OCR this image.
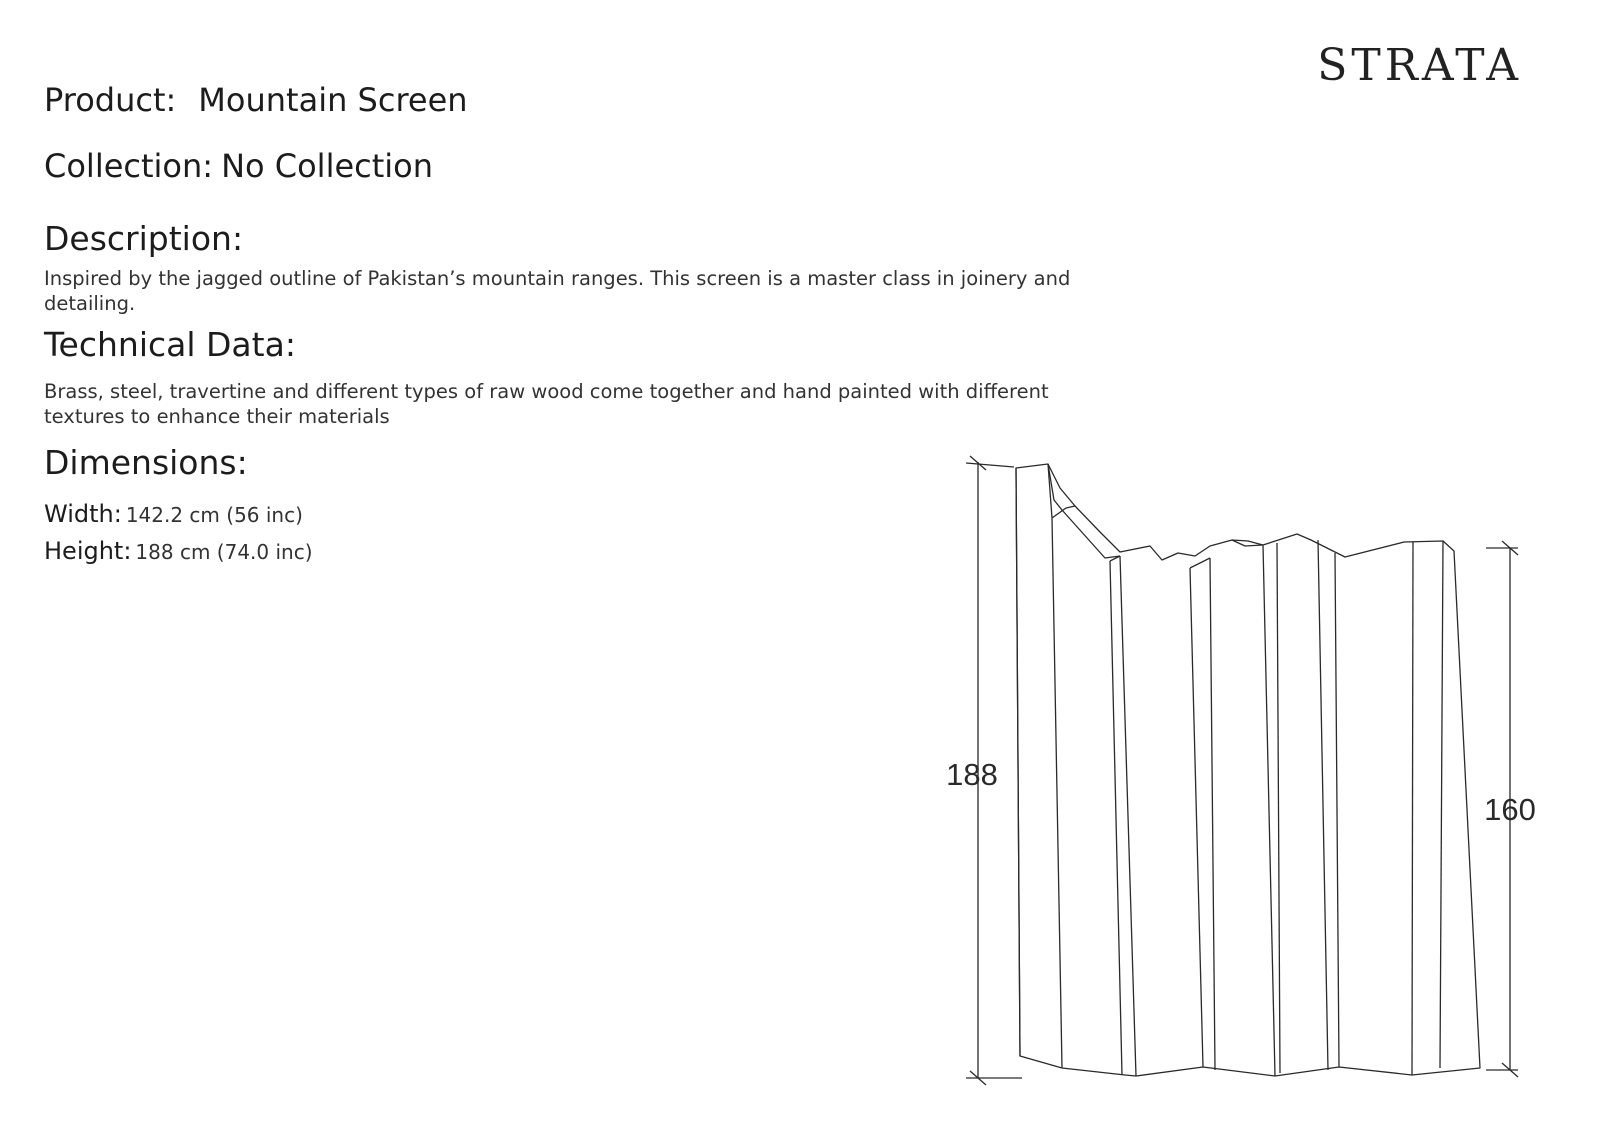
STRATA
Product: Mountain Screen
Collection: No Collection
Description:

Inspired by the jagged outline of Pakistan’s mountain ranges. This screen is a master class in joinery and detailing.

Technical Data:

Brass, steel, travertine and different types of raw wood come together and hand painted with different textures to enhance their materials

Dimensions:
Width: 142.2 cm (56 inc)
Height: 188 cm (74.0 inc)
188
160
